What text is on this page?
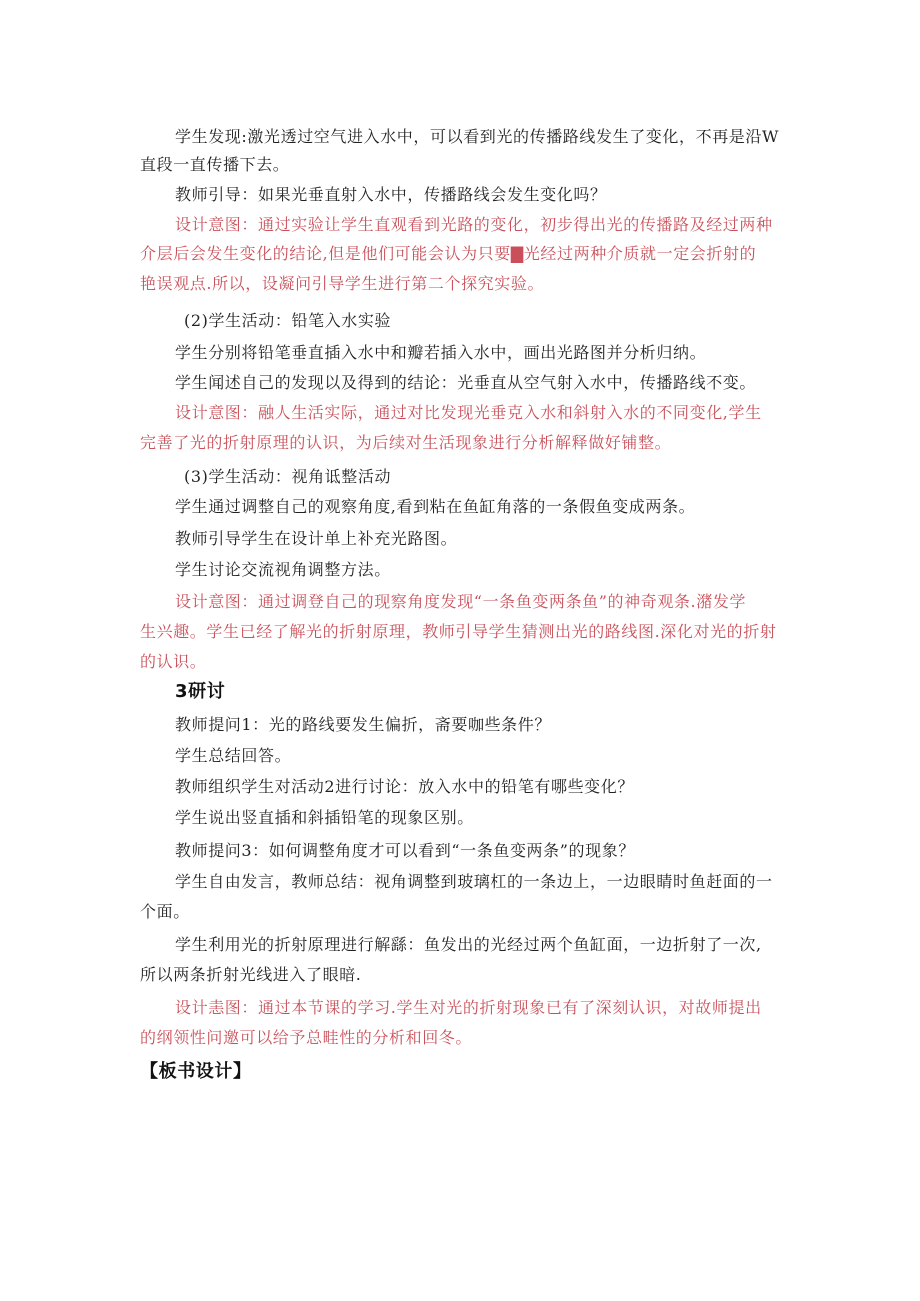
学生发现:激光透过空气进入水中，可以看到光的传播路线发生了变化，不再是沿W
直段一直传播下去。
教师引导：如果光垂直射入水中，传播路线会发生变化吗？
设计意图：通过实验让学生直观看到光路的变化，初步得出光的传播路及经过两种
介层后会发生变化的结论,但是他们可能会认为只要▇光经过两种介质就一定会折射的
艳误观点.所以，设凝问引导学生进行第二个探究实验。
(2)学生活动：铅笔入水实验
学生分别将铅笔垂直插入水中和瓣若插入水中，画出光路图并分析归纳。
学生闻述自己的发现以及得到的结论：光垂直从空气射入水中，传播路线不变。
设计意图：融人生活实际，通过对比发现光垂克入水和斜射入水的不同变化,学生
完善了光的折射原理的认识，为后续对生活现象进行分析解释做好铺整。
(3)学生活动：视角诋整活动
学生通过调整自己的观察角度,看到粘在鱼缸角落的一条假鱼变成两条。
教师引导学生在设计单上补充光路图。
学生讨论交流视角调整方法。
设计意图：通过调登自己的现察角度发现“一条鱼变两条鱼”的神奇观条.潴发学
生兴趣。学生已经了解光的折射原理，教师引导学生猜测出光的路线图.深化对光的折射
的认识。
3研讨
教师提问1：光的路线要发生偏折，斋要咖些条件？
学生总结回答。
教师组织学生对活动2进行讨论：放入水中的铅笔有哪些变化？
学生说出竖直插和斜插铅笔的现象区别。
教师提问3：如何调整角度才可以看到“一条鱼变两条”的现象？
学生自由发言，教师总结：视角调整到玻璃杠的一条边上，一边眼睛时鱼赶面的一
个面。
学生利用光的折射原理进行解繇：鱼发出的光经过两个鱼缸面，一边折射了一次,
所以两条折射光线进入了眼暗.
设计恚图：通过本节课的学习.学生对光的折射现象已有了深刻认识，对故师提出
的纲领性问邀可以给予总畦性的分析和回冬。
【板书设计】
